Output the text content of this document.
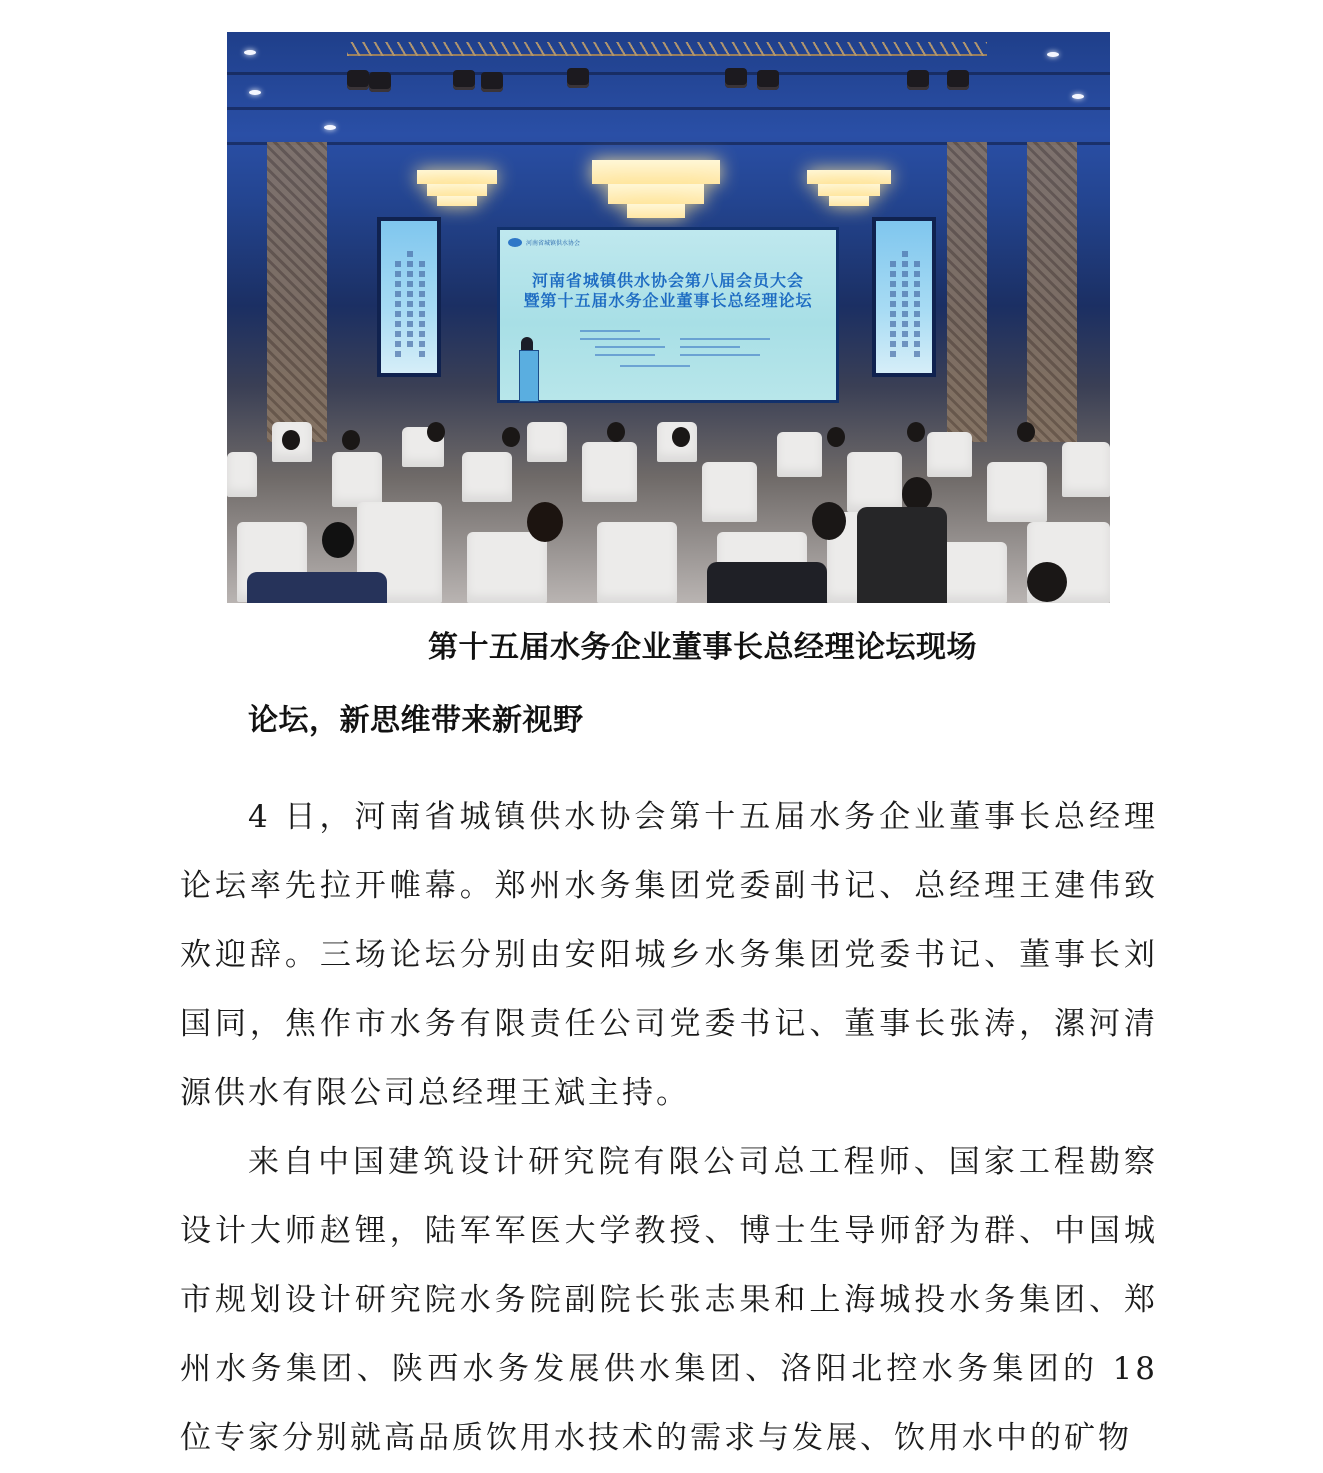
河南省城镇供水协会
河南省城镇供水协会第八届会员大会
暨第十五届水务企业董事长总经理论坛
第十五届水务企业董事长总经理论坛现场
论坛，新思维带来新视野

4 日，河南省城镇供水协会第十五届水务企业董事长总经理论坛率先拉开帷幕。郑州水务集团党委副书记、总经理王建伟致欢迎辞。三场论坛分别由安阳城乡水务集团党委书记、董事长刘国同，焦作市水务有限责任公司党委书记、董事长张涛，漯河清源供水有限公司总经理王斌主持。

来自中国建筑设计研究院有限公司总工程师、国家工程勘察设计大师赵锂，陆军军医大学教授、博士生导师舒为群、中国城市规划设计研究院水务院副院长张志果和上海城投水务集团、郑州水务集团、陕西水务发展供水集团、洛阳北控水务集团的 18 位专家分别就高品质饮用水技术的需求与发展、饮用水中的矿物
